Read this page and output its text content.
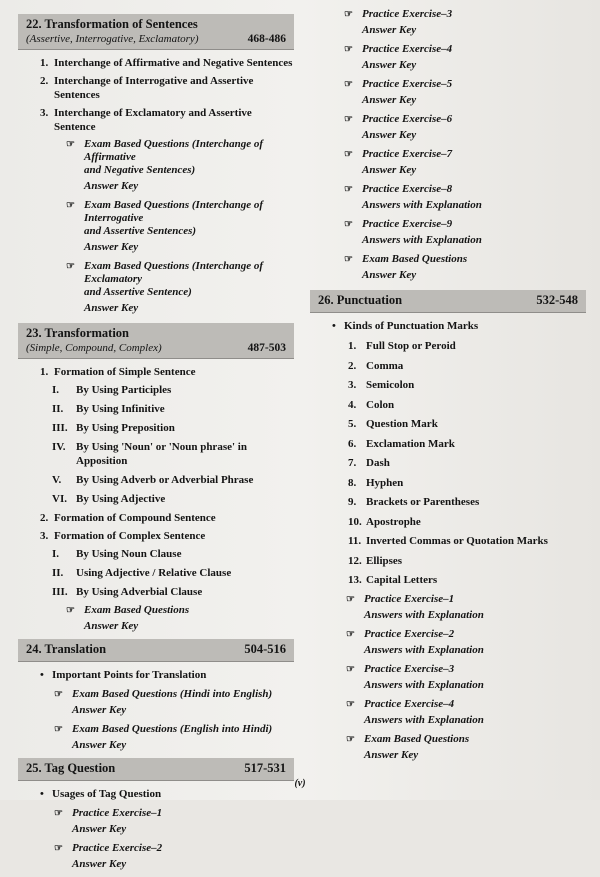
22. Transformation of Sentences
(Assertive, Interrogative, Exclamatory)	468-486
1. Interchange of Affirmative and Negative Sentences
2. Interchange of Interrogative and Assertive Sentences
3. Interchange of Exclamatory and Assertive Sentence
☞ Exam Based Questions (Interchange of Affirmative
and Negative Sentences)
Answer Key
☞ Exam Based Questions (Interchange of Interrogative
and Assertive Sentences)
Answer Key
☞ Exam Based Questions (Interchange of Exclamatory
and Assertive Sentence)
Answer Key
23. Transformation
(Simple, Compound, Complex)	487-503
1. Formation of Simple Sentence
I.	By Using Participles
II.	By Using Infinitive
III. By Using Preposition
IV. By Using 'Noun' or 'Noun phrase' in Apposition
V.	By Using Adverb or Adverbial Phrase
VI. By Using Adjective
2. Formation of Compound Sentence
3. Formation of Complex Sentence
I.	By Using Noun Clause
II.	Using Adjective / Relative Clause
III. By Using Adverbial Clause
☞ Exam Based Questions
Answer Key
24. Translation	504-516
• Important Points for Translation
☞ Exam Based Questions (Hindi into English)
Answer Key
☞ Exam Based Questions (English into Hindi)
Answer Key
25. Tag Question	517-531
• Usages of Tag Question
☞ Practice Exercise–1
Answer Key
☞ Practice Exercise–2
Answer Key
☞ Practice Exercise–3
Answer Key
☞ Practice Exercise–4
Answer Key
☞ Practice Exercise–5
Answer Key
☞ Practice Exercise–6
Answer Key
☞ Practice Exercise–7
Answer Key
☞ Practice Exercise–8
Answers with Explanation
☞ Practice Exercise–9
Answers with Explanation
☞ Exam Based Questions
Answer Key
26. Punctuation	532-548
• Kinds of Punctuation Marks
1. Full Stop or Peroid
2. Comma
3. Semicolon
4. Colon
5. Question Mark
6. Exclamation Mark
7. Dash
8. Hyphen
9. Brackets or Parentheses
10. Apostrophe
11. Inverted Commas or Quotation Marks
12. Ellipses
13. Capital Letters
☞ Practice Exercise–1
Answers with Explanation
☞ Practice Exercise–2
Answers with Explanation
☞ Practice Exercise–3
Answers with Explanation
☞ Practice Exercise–4
Answers with Explanation
☞ Exam Based Questions
Answer Key
(v)
